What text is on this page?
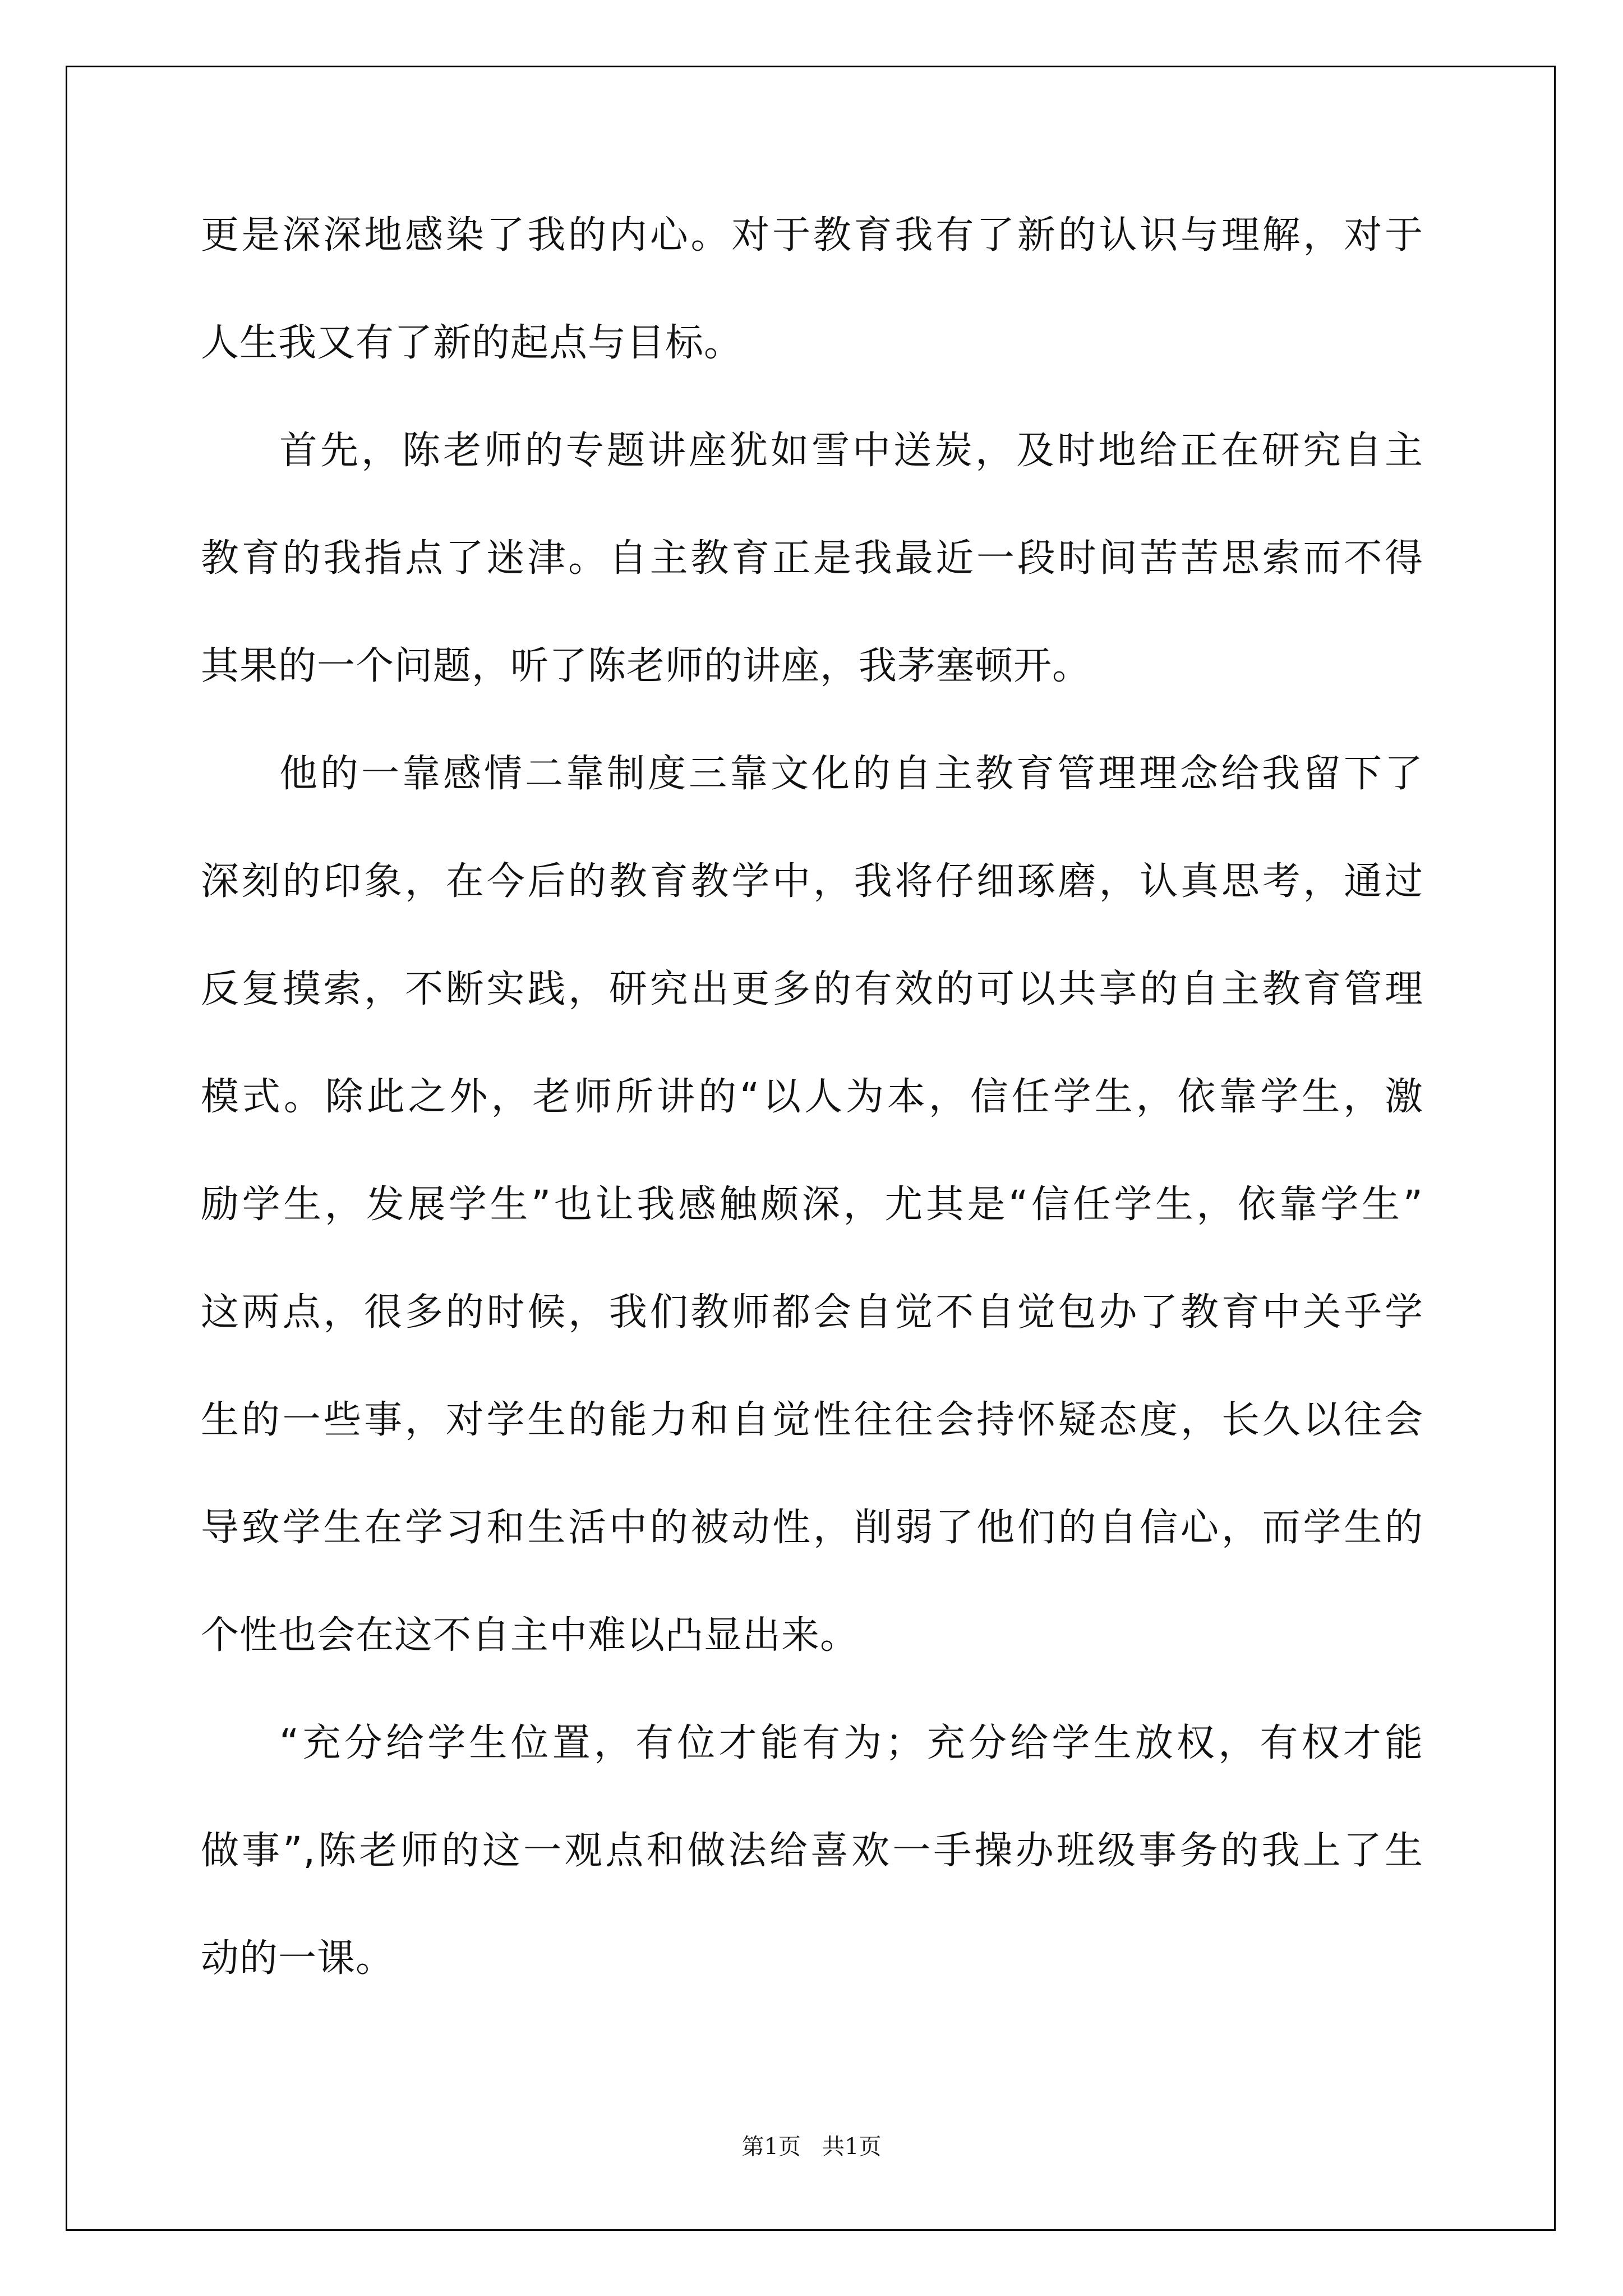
更是深深地感染了我的内心。对于教育我有了新的认识与理解，对于
人生我又有了新的起点与目标。
首先，陈老师的专题讲座犹如雪中送炭，及时地给正在研究自主
教育的我指点了迷津。自主教育正是我最近一段时间苦苦思索而不得
其果的一个问题，听了陈老师的讲座，我茅塞顿开。
他的一靠感情二靠制度三靠文化的自主教育管理理念给我留下了
深刻的印象，在今后的教育教学中，我将仔细琢磨，认真思考，通过
反复摸索，不断实践，研究出更多的有效的可以共享的自主教育管理
模式。除此之外，老师所讲的“以人为本，信任学生，依靠学生，激
励学生，发展学生”也让我感触颇深，尤其是“信任学生，依靠学生”
这两点，很多的时候，我们教师都会自觉不自觉包办了教育中关乎学
生的一些事，对学生的能力和自觉性往往会持怀疑态度，长久以往会
导致学生在学习和生活中的被动性，削弱了他们的自信心，而学生的
个性也会在这不自主中难以凸显出来。
“充分给学生位置，有位才能有为；充分给学生放权，有权才能
做事”,陈老师的这一观点和做法给喜欢一手操办班级事务的我上了生
动的一课。
第1页   共1页
